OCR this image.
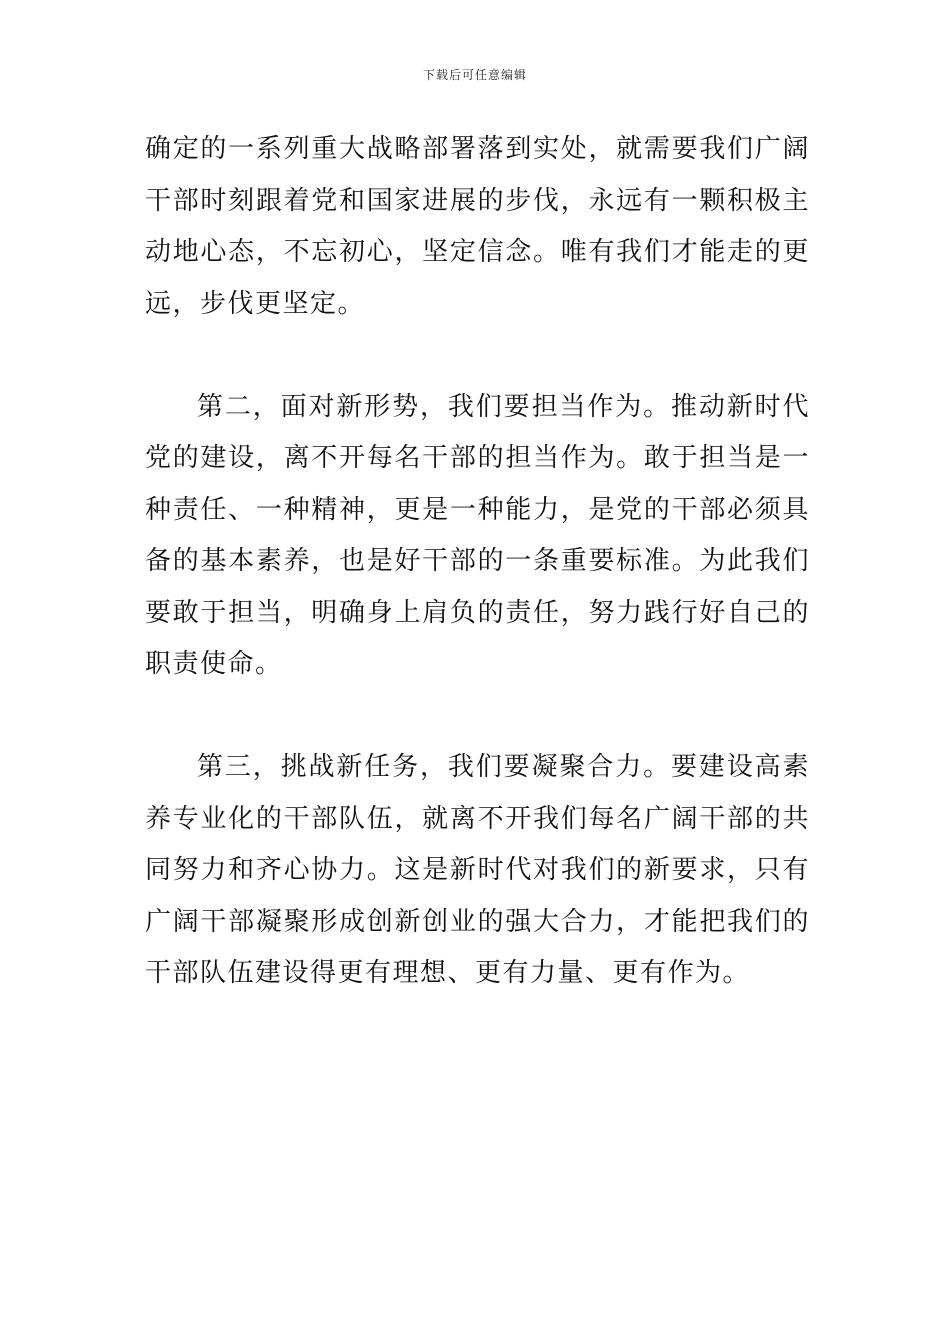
下载后可任意编辑

确定的一系列重大战略部署落到实处，就需要我们广阔干部时刻跟着党和国家进展的步伐，永远有一颗积极主动地心态，不忘初心，坚定信念。唯有我们才能走的更远，步伐更坚定。

第二，面对新形势，我们要担当作为。推动新时代党的建设，离不开每名干部的担当作为。敢于担当是一种责任、一种精神，更是一种能力，是党的干部必须具备的基本素养，也是好干部的一条重要标准。为此我们要敢于担当，明确身上肩负的责任，努力践行好自己的职责使命。

第三，挑战新任务，我们要凝聚合力。要建设高素养专业化的干部队伍，就离不开我们每名广阔干部的共同努力和齐心协力。这是新时代对我们的新要求，只有广阔干部凝聚形成创新创业的强大合力，才能把我们的干部队伍建设得更有理想、更有力量、更有作为。
